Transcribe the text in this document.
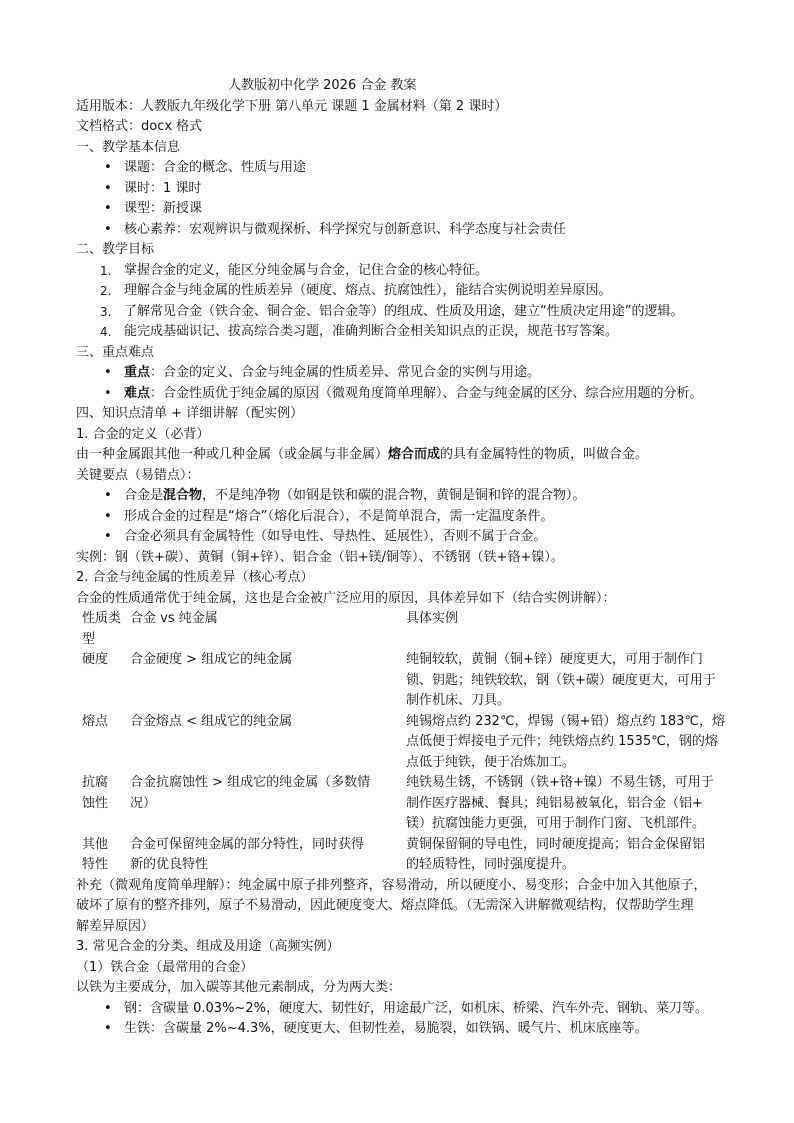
人教版初中化学 2026 合金 教案
适用版本：人教版九年级化学下册 第八单元 课题 1 金属材料（第 2 课时）
文档格式：docx 格式
一、教学基本信息
• 课题：合金的概念、性质与用途
• 课时：1 课时
• 课型：新授课
• 核心素养：宏观辨识与微观探析、科学探究与创新意识、科学态度与社会责任
二、教学目标
1. 掌握合金的定义，能区分纯金属与合金，记住合金的核心特征。
2. 理解合金与纯金属的性质差异（硬度、熔点、抗腐蚀性），能结合实例说明差异原因。
3. 了解常见合金（铁合金、铜合金、铝合金等）的组成、性质及用途，建立“性质决定用途”的逻辑。
4. 能完成基础识记、拔高综合类习题，准确判断合金相关知识点的正误，规范书写答案。
三、重点难点
• 重点：合金的定义、合金与纯金属的性质差异、常见合金的实例与用途。
• 难点：合金性质优于纯金属的原因（微观角度简单理解）、合金与纯金属的区分、综合应用题的分析。
四、知识点清单 + 详细讲解（配实例）
1. 合金的定义（必背）
由一种金属跟其他一种或几种金属（或金属与非金属）熔合而成的具有金属特性的物质，叫做合金。
关键要点（易错点）：
• 合金是混合物，不是纯净物（如钢是铁和碳的混合物，黄铜是铜和锌的混合物）。
• 形成合金的过程是“熔合”（熔化后混合），不是简单混合，需一定温度条件。
• 合金必须具有金属特性（如导电性、导热性、延展性），否则不属于合金。
实例：钢（铁+碳）、黄铜（铜+锌）、铝合金（铝+镁/铜等）、不锈钢（铁+铬+镍）。
2. 合金与纯金属的性质差异（核心考点）
合金的性质通常优于纯金属，这也是合金被广泛应用的原因，具体差异如下（结合实例讲解）：
性质类型	合金 vs 纯金属	具体实例
硬度	合金硬度 > 组成它的纯金属	纯铜较软，黄铜（铜+锌）硬度更大，可用于制作门
锁、钥匙；纯铁较软，钢（铁+碳）硬度更大，可用于
制作机床、刀具。

熔点	合金熔点 < 组成它的纯金属	纯锡熔点约 232℃，焊锡（锡+铅）熔点约 183℃，熔
点低便于焊接电子元件；纯铁熔点约 1535℃，钢的熔
点低于纯铁，便于冶炼加工。

抗腐
蚀性	合金抗腐蚀性 > 组成它的纯金属（多数情
况）	纯铁易生锈，不锈钢（铁+铬+镍）不易生锈，可用于
制作医疗器械、餐具；纯铝易被氧化，铝合金（铝+
镁）抗腐蚀能力更强，可用于制作门窗、飞机部件。

其他
特性	合金可保留纯金属的部分特性，同时获得
新的优良特性	黄铜保留铜的导电性，同时硬度提高；铝合金保留铝
的轻质特性，同时强度提升。
补充（微观角度简单理解）：纯金属中原子排列整齐，容易滑动，所以硬度小、易变形；合金中加入其他原子，
破坏了原有的整齐排列，原子不易滑动，因此硬度变大、熔点降低。（无需深入讲解微观结构，仅帮助学生理
解差异原因）
3. 常见合金的分类、组成及用途（高频实例）
（1）铁合金（最常用的合金）
以铁为主要成分，加入碳等其他元素制成，分为两大类：
• 钢：含碳量 0.03%~2%，硬度大、韧性好，用途最广泛，如机床、桥梁、汽车外壳、钢轨、菜刀等。
• 生铁：含碳量 2%~4.3%，硬度更大、但韧性差，易脆裂，如铁锅、暖气片、机床底座等。
